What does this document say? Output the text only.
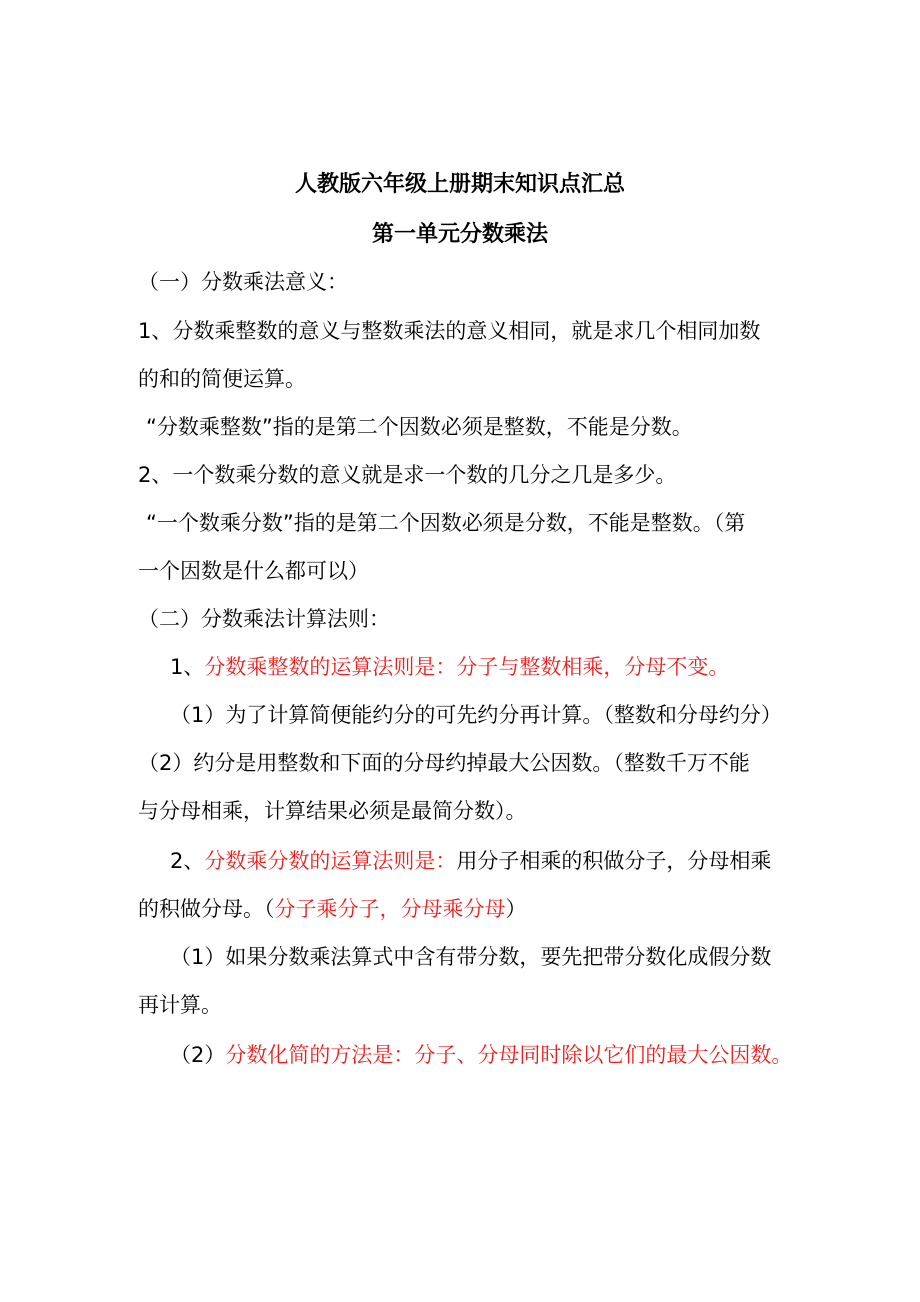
人教版六年级上册期末知识点汇总
第一单元分数乘法
（一）分数乘法意义：
1、分数乘整数的意义与整数乘法的意义相同，就是求几个相同加数
的和的简便运算。
“分数乘整数”指的是第二个因数必须是整数，不能是分数。
2、一个数乘分数的意义就是求一个数的几分之几是多少。
“一个数乘分数”指的是第二个因数必须是分数，不能是整数。（第
一个因数是什么都可以）
（二）分数乘法计算法则：
1、分数乘整数的运算法则是：分子与整数相乘，分母不变。
（1）为了计算简便能约分的可先约分再计算。（整数和分母约分）
（2）约分是用整数和下面的分母约掉最大公因数。（整数千万不能
与分母相乘，计算结果必须是最简分数）。
2、分数乘分数的运算法则是：用分子相乘的积做分子，分母相乘
的积做分母。（分子乘分子，分母乘分母）
（1）如果分数乘法算式中含有带分数，要先把带分数化成假分数
再计算。
（2）分数化简的方法是：分子、分母同时除以它们的最大公因数。
